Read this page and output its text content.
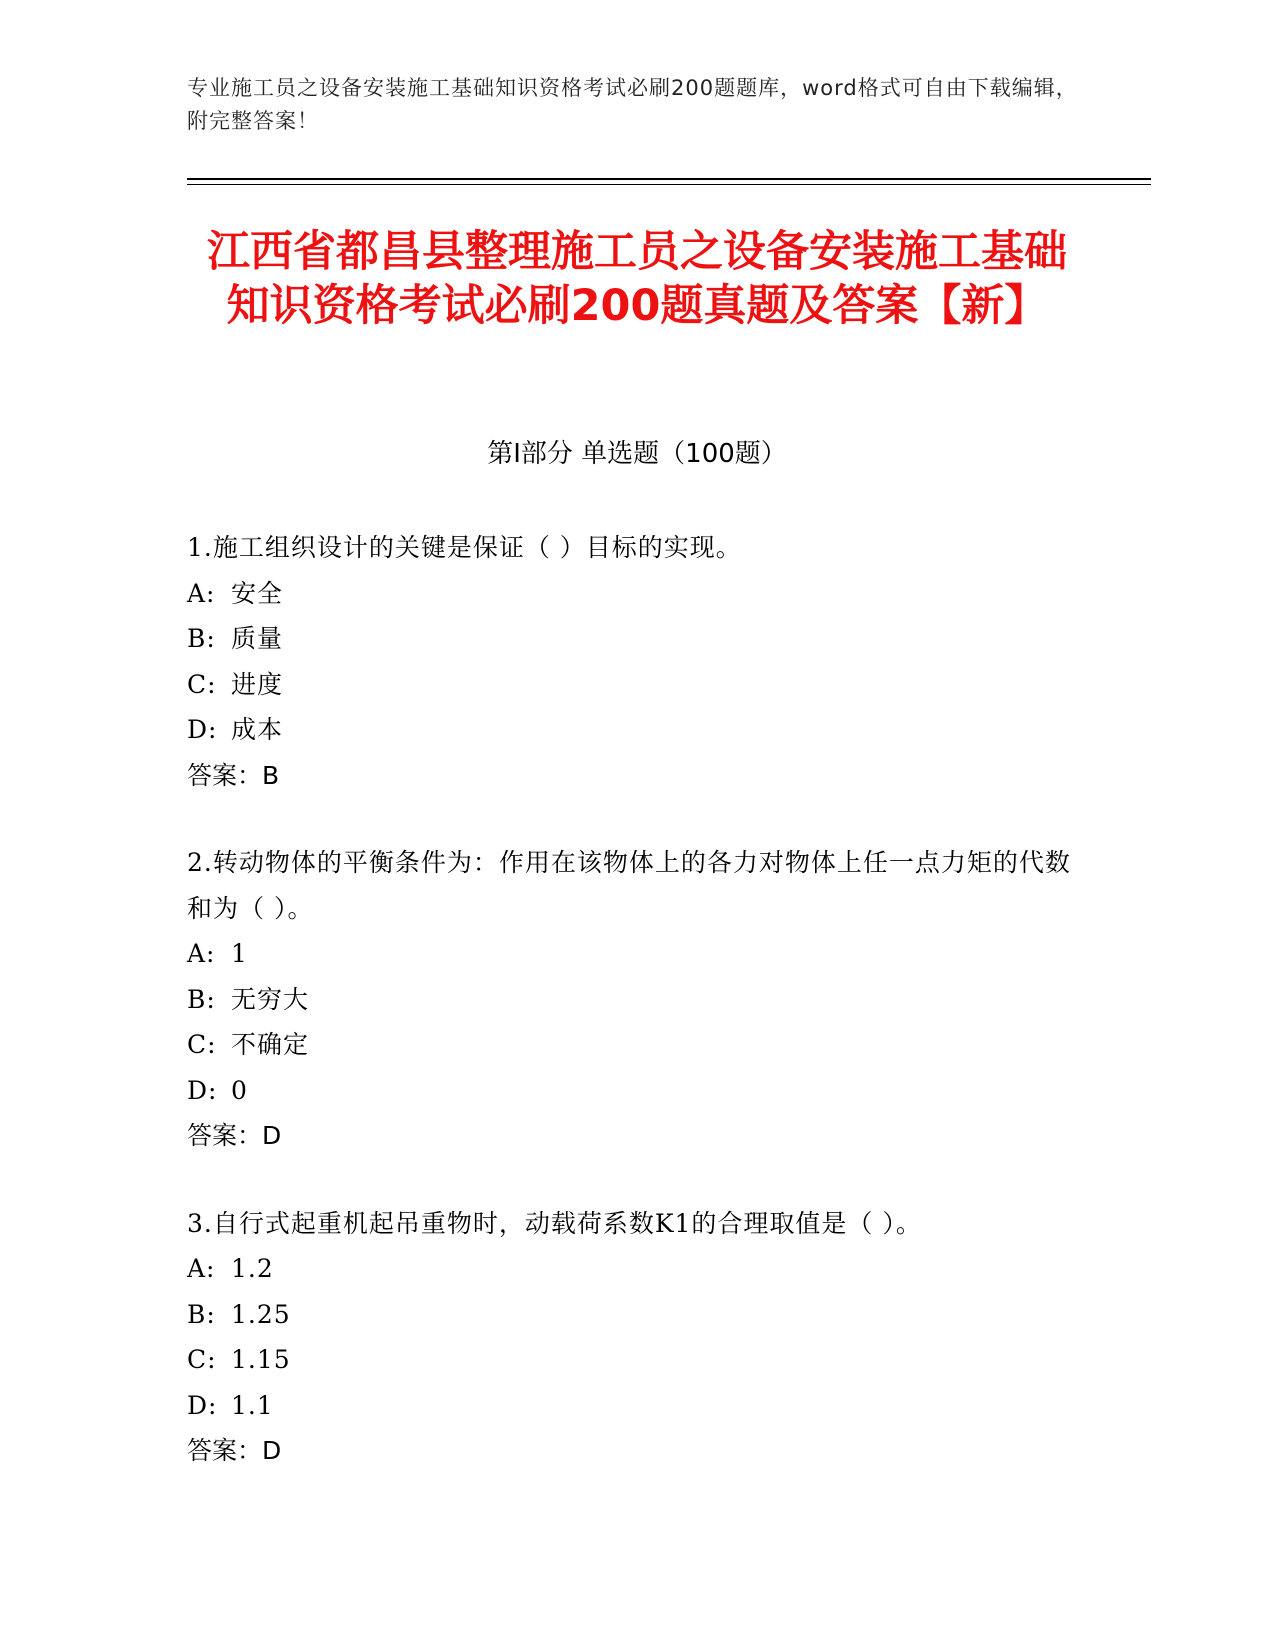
专业施工员之设备安装施工基础知识资格考试必刷200题题库，word格式可自由下载编辑，附完整答案！
江西省都昌县整理施工员之设备安装施工基础知识资格考试必刷200题真题及答案【新】
第I部分 单选题（100题）
1.施工组织设计的关键是保证（ ）目标的实现。
A: 安全
B: 质量
C: 进度
D: 成本
答案：B
2.转动物体的平衡条件为：作用在该物体上的各力对物体上任一点力矩的代数和为（ ）。
A: 1
B: 无穷大
C: 不确定
D: 0
答案：D
3.自行式起重机起吊重物时，动载荷系数K1的合理取值是（ ）。
A: 1.2
B: 1.25
C: 1.15
D: 1.1
答案：D
